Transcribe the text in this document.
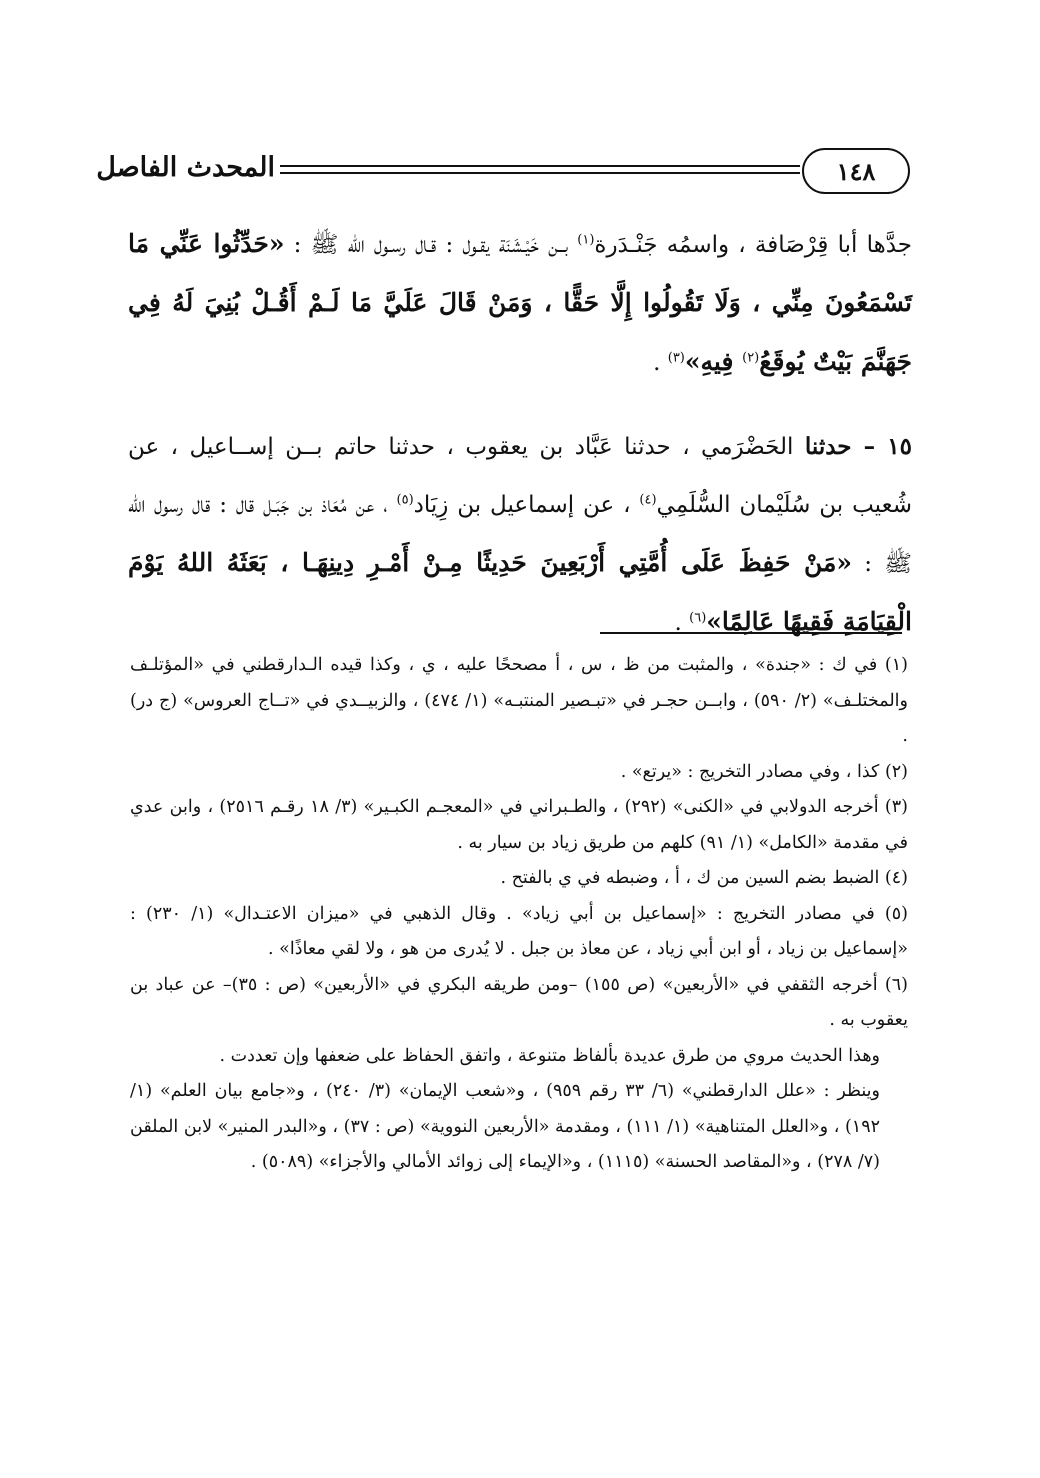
١٤٨
المحدث الفاصل

جدَّها أبا قِرْصَافة ، واسمُه جَنْـدَرة$^{(١)}$ بــن خَيْـشَنَة يقـول : قـال رسـول الله ﷺ : «حَدِّثُوا عَنِّي مَا تَسْمَعُونَ مِنِّي ، وَلَا تَقُولُوا إِلَّا حَقًّا ، وَمَنْ قَالَ عَلَيَّ مَا لَـمْ أَقُـلْ بُنِيَ لَهُ فِي جَهَنَّمَ بَيْتٌ يُوقَعُ$^{(٢)}$ فِيهِ»$^{(٣)}$ .

١٥ – حدثنا الحَضْرَمي ، حدثنا عَبَّاد بن يعقوب ، حدثنا حاتم بــن إســاعيل ، عن شُعيب بن سُلَيْمان السُّلَمِي$^{(٤)}$ ، عن إسماعيل بن زِيَاد$^{(٥)}$ ، عن مُعَاذ بن جَبَـل قال : قال رسول الله ﷺ : «مَنْ حَفِظَ عَلَى أُمَّتِي أَرْبَعِينَ حَدِيثًا مِـنْ أَمْـرِ دِينِهَـا ، بَعَثَهُ اللهُ يَوْمَ الْقِيَامَةِ فَقِيهًا عَالِمًا»$^{(٦)}$ .

(١) في ك : «جندة» ، والمثبت من ظ ، س ، أ مصححًا عليه ، ي ، وكذا قيده الـدارقطني في «المؤتلـف والمختلـف» (٢/ ٥٩٠) ، وابــن حجـر في «تبـصير المنتبـه» (١/ ٤٧٤) ، والزبيــدي في «تــاج العروس» (ج در) .

(٢) كذا ، وفي مصادر التخريج : «يرتع» .

(٣) أخرجه الدولابي في «الكنى» (٢٩٢) ، والطـبراني في «المعجـم الكبـير» (٣/ ١٨ رقـم ٢٥١٦) ، وابن عدي في مقدمة «الكامل» (١/ ٩١) كلهم من طريق زياد بن سيار به .

(٤) الضبط بضم السين من ك ، أ ، وضبطه في ي بالفتح .

(٥) في مصادر التخريج : «إسماعيل بن أبي زياد» . وقال الذهبي في «ميزان الاعتـدال» (١/ ٢٣٠) : «إسماعيل بن زياد ، أو ابن أبي زياد ، عن معاذ بن جبل . لا يُدرى من هو ، ولا لقي معاذًا» .

(٦) أخرجه الثقفي في «الأربعين» (ص ١٥٥) –ومن طريقه البكري في «الأربعين» (ص : ٣٥)– عن عباد بن يعقوب به .

وهذا الحديث مروي من طرق عديدة بألفاظ متنوعة ، واتفق الحفاظ على ضعفها وإن تعددت .

وينظر : «علل الدارقطني» (٦/ ٣٣ رقم ٩٥٩) ، و«شعب الإيمان» (٣/ ٢٤٠) ، و«جامع بيان العلم» (١/ ١٩٢) ، و«العلل المتناهية» (١/ ١١١) ، ومقدمة «الأربعين النووية» (ص : ٣٧) ، و«البدر المنير» لابن الملقن (٧/ ٢٧٨) ، و«المقاصد الحسنة» (١١١٥) ، و«الإيماء إلى زوائد الأمالي والأجزاء» (٥٠٨٩) .
